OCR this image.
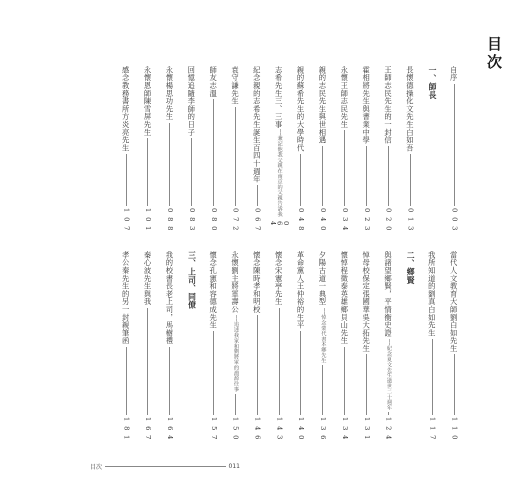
目次
自序
0 0 3
一、師長
長懷德操化文先生白如吾
0 1 3
王師志民先生的一封信
0 2 0
霍相將先生與書業中學
0 2 3
永懷王師志民先生
0 3 4
親的志民先生與世相遇
0 4 0
親的蘇希先生的大學時代
0 4 8
志希先生三、三事
──兼記他我父親在南京的父親告訴我
0 6 4
紀念親的志希先生誕生百四十週年
0 6 7
袁守謙先生
0 7 2
師友志溫
0 8 0
回憶追隨李師的日子
0 8 3
永懷楊思功先生
0 8 8
永懷恩師陳雪屏先生
1 0 1
感念教務書所方炎亮先生
1 0 7
當代人文教育大師劉白如先生
1 1 0
我所知道的劉真白如先生
1 1 7
二、鄉賢
與諸望鄉賢，平情衡史證
──紀念夏文先生逝世二十週年
1 2 4
悼母校保定張國華吳大拓先生
1 3 1
懷悼程徵泰英雄鄉貝山先生
1 3 4
夕陽古道一典型
──悼念蒙代書本鄉先生
1 3 6
革命黨人王仲裕的生平
1 4 0
懷念宋憲亭先生
1 4 3
懷念陳時孝和明校
1 4 6
永懷劉主將軍壽公
──追述我家和劉將軍的淵源往事
1 5 0
懷念孔憲和容德成先生
1 5 7
三、上司、同僚
我的校書長老上司，馬樹禮
1 6 4
秦心波先生與我
1 6 7
孝公秦先生的另一封親筆函
1 8 1
目次	011
